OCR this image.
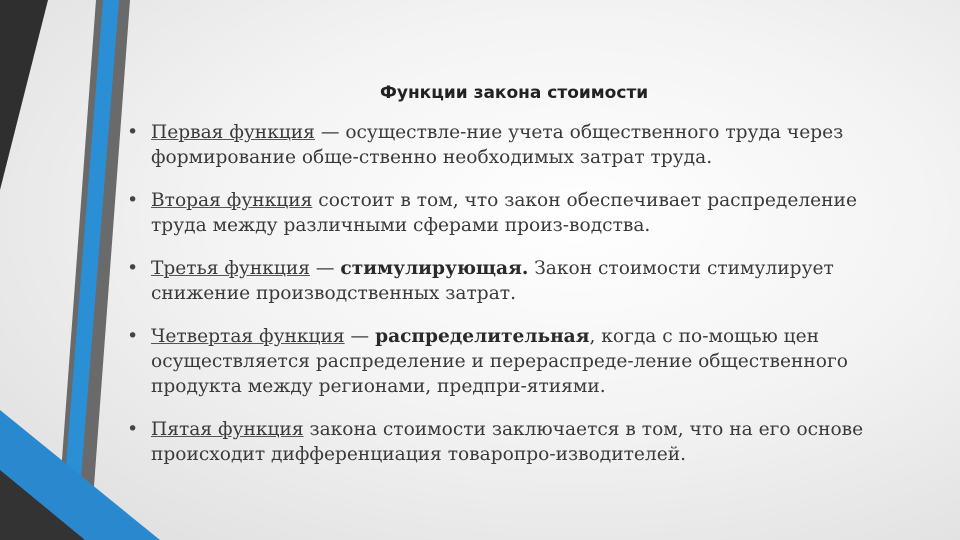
Функции закона стоимости
• Первая функция — осуществле-ние учета общественного труда через формирование обще-ственно необходимых затрат труда.
• Вторая функция состоит в том, что закон обеспечивает распределение труда между различными сферами произ-водства.
• Третья функция — стимулирующая. Закон стоимости стимулирует снижение производственных затрат.
• Четвертая функция — распределительная, когда с по-мощью цен осуществляется распределение и перераспреде-ление общественного продукта между регионами, предпри-ятиями.
• Пятая функция закона стоимости заключается в том, что на его основе происходит дифференциация товаропро-изводителей.
